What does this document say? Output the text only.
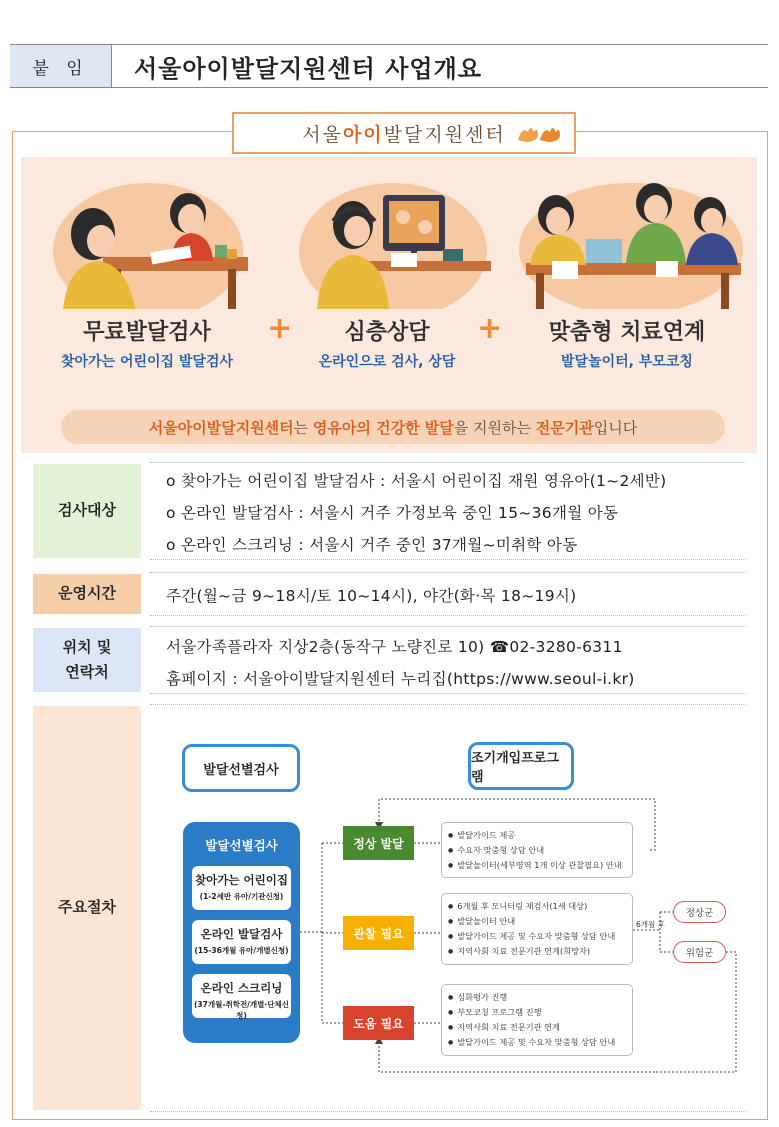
붙 임	서울아이발달지원센터 사업개요
무료발달검사
찾아가는 어린이집 발달검사
+	심층상담
온라인으로 검사, 상담
+	맞춤형 치료연계
발달놀이터, 부모코칭
서울아이발달지원센터는 영유아의 건강한 발달을 지원하는 전문기관입니다
서울 아이 발달지원센터
검사대상
o 찾아가는 어린이집 발달검사 : 서울시 어린이집 재원 영유아(1~2세반)
o 온라인 발달검사 : 서울시 거주 가정보육 중인 15~36개월 아동
o 온라인 스크리닝 : 서울시 거주 중인 37개월~미취학 아동
운영시간	주간(월~금 9~18시/토 10~14시), 야간(화·목 18~19시)
위치 및
연락처
서울가족플라자 지상2층(동작구 노량진로 10) ☎02-3280-6311
홈페이지 : 서울아이발달지원센터 누리집(https://www.seoul-i.kr)
주요절차
발달선별검사
조기개입프로그램
발달선별검사
찾아가는 어린이집
(1-2세반 유아/기관신청)
온라인 발달검사
(15-36개월 유아/개별신청)
온라인 스크리닝
(37개월-취학전/개별·단체신청)
정상 발달
관찰 필요
도움 필요
● 발달가이드 제공
● 수요자 맞춤형 상담 안내
● 발달놀이터(세부영역 1개 이상 관찰필요) 안내
● 6개월 후 모니터링 재검사(1세 대상)
● 발달놀이터 안내
● 발달가이드 제공 및 수요자 맞춤형 상담 안내
● 지역사회 치료 전문기관 연계(희망자)
● 심화평가 진행
● 부모코칭 프로그램 진행
● 지역사회 치료 전문기관 연계
● 발달가이드 제공 및 수요자 맞춤형 상담 안내
6개월 후
정상군
위험군
